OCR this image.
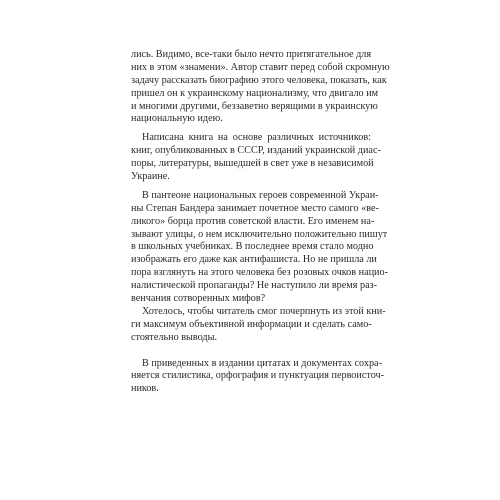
лись. Видимо, все-таки было нечто притягательное для
них в этом «знамени». Автор ставит перед собой скромную
задачу рассказать биографию этого человека, показать, как
пришел он к украинскому национализму, что двигало им
и многими другими, беззаветно верящими в украинскую
национальную идею.
Написана книга на основе различных источников:
книг, опубликованных в СССР, изданий украинской диас-
поры, литературы, вышедшей в свет уже в независимой
Украине.
В пантеоне национальных героев современной Украи-
ны Степан Бандера занимает почетное место самого «ве-
ликого» борца против советской власти. Его именем на-
зывают улицы, о нем исключительно положительно пишут
в школьных учебниках. В последнее время стало модно
изображать его даже как антифашиста. Но не пришла ли
пора взглянуть на этого человека без розовых очков нацио-
налистической пропаганды? Не наступило ли время раз-
венчания сотворенных мифов?
Хотелось, чтобы читатель смог почерпнуть из этой кни-
ги максимум объективной информации и сделать само-
стоятельно выводы.
В приведенных в издании цитатах и документах сохра-
няется стилистика, орфография и пунктуация первоисточ-
ников.
